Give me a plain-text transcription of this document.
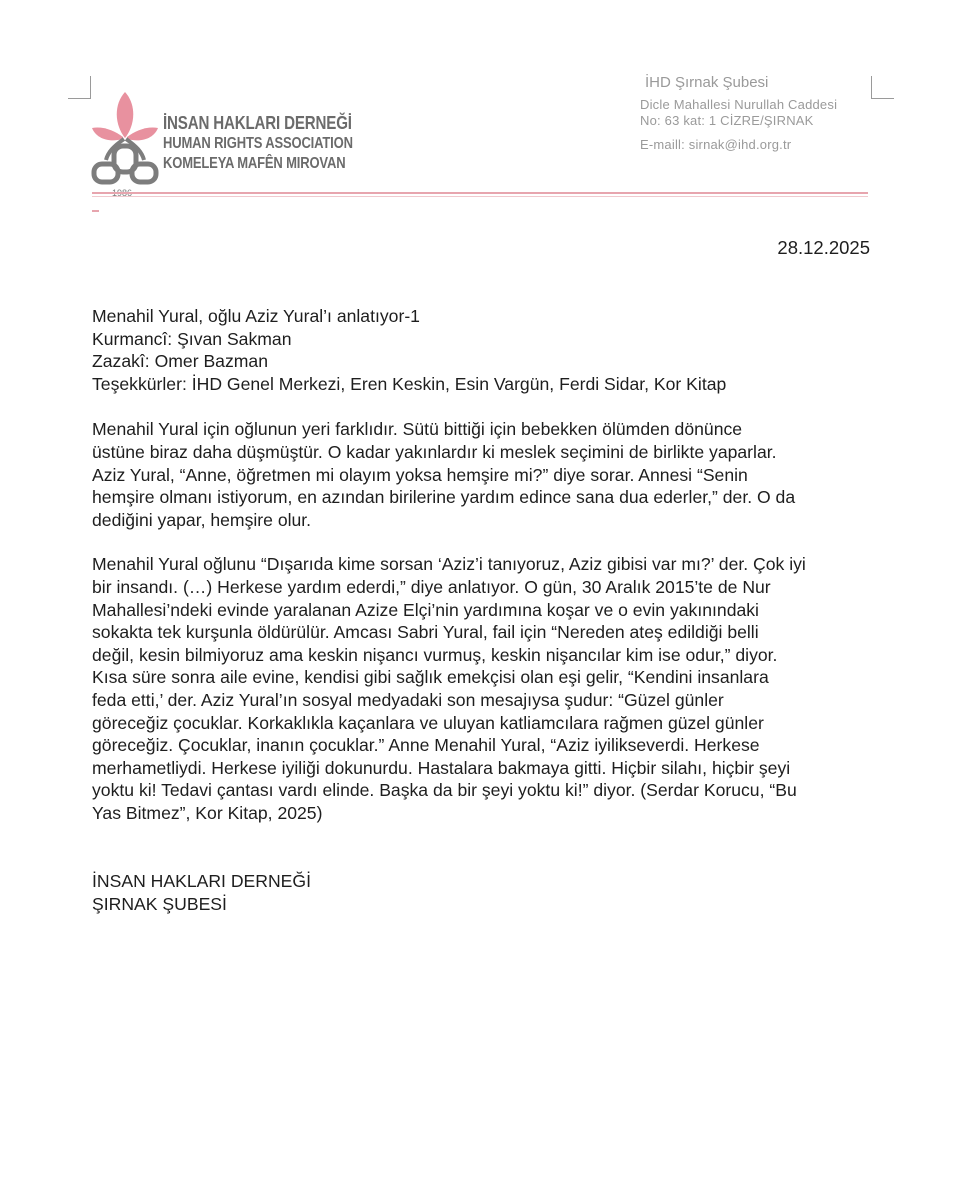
İNSAN HAKLARI DERNEĞİ
HUMAN RIGHTS ASSOCIATION
KOMELEYA MAFÊN MIROVAN
İHD Şırnak Şubesi
Dicle Mahallesi Nurullah Caddesi
No: 63 kat: 1 CİZRE/ŞIRNAK
E-maill: sirnak@ihd.org.tr
28.12.2025

Menahil Yural, oğlu Aziz Yural’ı anlatıyor-1

Kurmancî: Şıvan Sakman
Zazakî: Omer Bazman
Teşekkürler: İHD Genel Merkezi, Eren Keskin, Esin Vargün, Ferdi Sidar, Kor Kitap
Menahil Yural için oğlunun yeri farklıdır. Sütü bittiği için bebekken ölümden dönünce
üstüne biraz daha düşmüştür. O kadar yakınlardır ki meslek seçimini de birlikte yaparlar.
Aziz Yural, “Anne, öğretmen mi olayım yoksa hemşire mi?” diye sorar. Annesi “Senin
hemşire olmanı istiyorum, en azından birilerine yardım edince sana dua ederler,” der. O da
dediğini yapar, hemşire olur.
Menahil Yural oğlunu “Dışarıda kime sorsan ‘Aziz’i tanıyoruz, Aziz gibisi var mı?’ der. Çok iyi
bir insandı. (…) Herkese yardım ederdi,” diye anlatıyor. O gün, 30 Aralık 2015’te de Nur
Mahallesi’ndeki evinde yaralanan Azize Elçi’nin yardımına koşar ve o evin yakınındaki
sokakta tek kurşunla öldürülür. Amcası Sabri Yural, fail için “Nereden ateş edildiği belli
değil, kesin bilmiyoruz ama keskin nişancı vurmuş, keskin nişancılar kim ise odur,” diyor.
Kısa süre sonra aile evine, kendisi gibi sağlık emekçisi olan eşi gelir, “Kendini insanlara
feda etti,’ der. Aziz Yural’ın sosyal medyadaki son mesajıysa şudur: “Güzel günler
göreceğiz çocuklar. Korkaklıkla kaçanlara ve uluyan katliamcılara rağmen güzel günler
göreceğiz. Çocuklar, inanın çocuklar.” Anne Menahil Yural, “Aziz iyilikseverdi. Herkese
merhametliydi. Herkese iyiliği dokunurdu. Hastalara bakmaya gitti. Hiçbir silahı, hiçbir şeyi
yoktu ki! Tedavi çantası vardı elinde. Başka da bir şeyi yoktu ki!” diyor. (Serdar Korucu, “Bu
Yas Bitmez”, Kor Kitap, 2025)
İNSAN HAKLARI DERNEĞİ
ŞIRNAK ŞUBESİ
